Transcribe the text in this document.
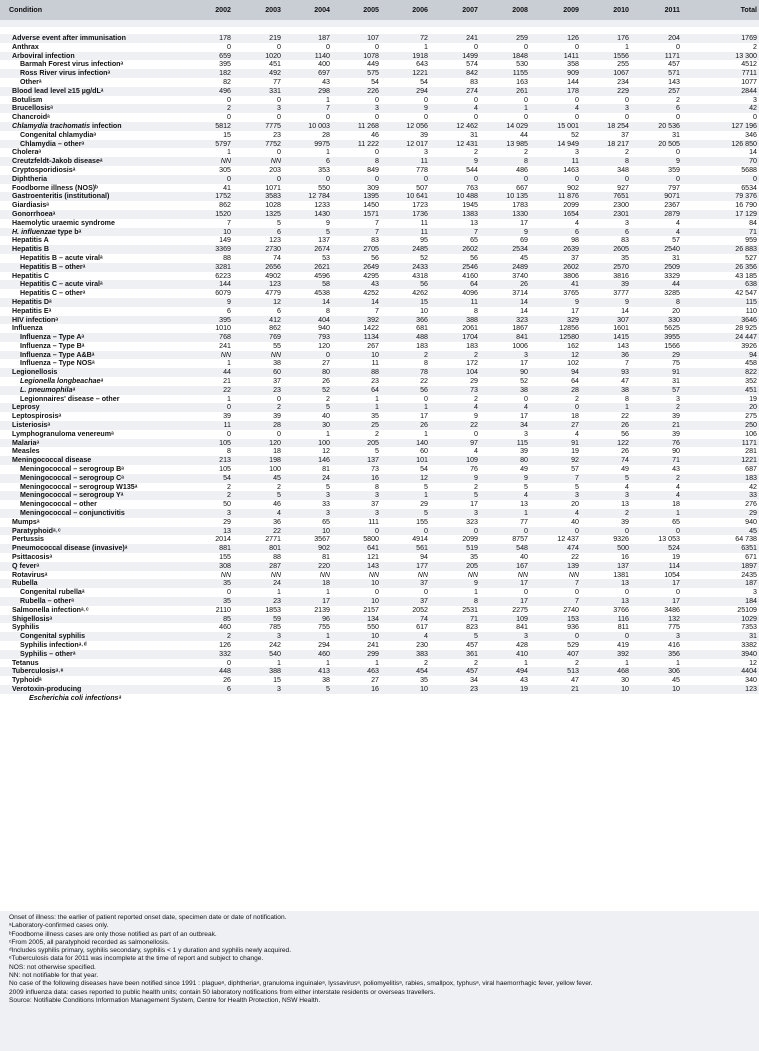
Condition	2002	2003	2004	2005	2006	2007	2008	2009	2010	2011	Total

Adverse event after immunisation	178	219	187	107	72	241	259	126	176	204	1769
Anthrax	0	0	0	0	1	0	0	0	1	0	2
Arboviral infection	659	1020	1140	1078	1918	1499	1848	1411	1556	1171	13 300
Barmah Forest virus infectionᵃ	395	451	400	449	643	574	530	358	255	457	4512
Ross River virus infectionᵃ	182	492	697	575	1221	842	1155	909	1067	571	7711
Otherᵃ	82	77	43	54	54	83	163	144	234	143	1077
Blood lead level ≥15 µg/dLᵃ	496	331	298	226	294	274	261	178	229	257	2844
Botulism	0	0	1	0	0	0	0	0	0	2	3
Brucellosisᵃ	2	3	7	3	9	4	1	4	3	6	42
Chancroidᵃ	0	0	0	0	0	0	0	0	0	0	0
Chlamydia trachomatis infection	5812	7775	10 003	11 268	12 056	12 462	14 029	15 001	18 254	20 536	127 196
Congenital chlamydiaᵃ	15	23	28	46	39	31	44	52	37	31	346
Chlamydia – otherᵃ	5797	7752	9975	11 222	12 017	12 431	13 985	14 949	18 217	20 505	126 850
Choleraᵃ	1	0	1	0	3	2	2	3	2	0	14
Creutzfeldt-Jakob diseaseᵃ	NN	NN	6	8	11	9	8	11	8	9	70
Cryptosporidiosisᵃ	305	203	353	849	778	544	486	1463	348	359	5688
Diphtheria	0	0	0	0	0	0	0	0	0	0	0
Foodborne illness (NOS)ᵇ	41	1071	550	309	507	763	667	902	927	797	6534
Gastroenteritis (institutional)	1752	3583	12 784	1395	10 641	10 488	10 135	11 876	7651	9071	79 376
Giardiasisᵃ	862	1028	1233	1450	1723	1945	1783	2099	2300	2367	16 790
Gonorrhoeaᵃ	1520	1325	1430	1571	1736	1383	1330	1654	2301	2879	17 129
Haemolytic uraemic syndrome	7	5	9	7	11	13	17	4	3	4	84
H. influenzae type bᵃ	10	6	5	7	11	7	9	6	6	4	71
Hepatitis A	149	123	137	83	95	65	69	98	83	57	959
Hepatitis B	3369	2730	2674	2705	2485	2602	2534	2639	2605	2540	26 883
Hepatitis B – acute viralᵃ	88	74	53	56	52	56	45	37	35	31	527
Hepatitis B – otherᵃ	3281	2656	2621	2649	2433	2546	2489	2602	2570	2509	26 356
Hepatitis C	6223	4902	4596	4295	4318	4160	3740	3806	3816	3329	43 185
Hepatitis C – acute viralᵃ	144	123	58	43	56	64	26	41	39	44	638
Hepatitis C – otherᵃ	6079	4779	4538	4252	4262	4096	3714	3765	3777	3285	42 547
Hepatitis Dᵃ	9	12	14	14	15	11	14	9	9	8	115
Hepatitis Eᵃ	6	6	8	7	10	8	14	17	14	20	110
HIV infectionᵃ	395	412	404	392	366	388	323	329	307	330	3646
Influenza	1010	862	940	1422	681	2061	1867	12856	1601	5625	28 925
Influenza – Type Aᵃ	768	769	793	1134	488	1704	841	12580	1415	3955	24 447
Influenza – Type Bᵃ	241	55	120	267	183	183	1006	162	143	1566	3926
Influenza – Type A&Bᵃ	NN	NN	0	10	2	2	3	12	36	29	94
Influenza – Type NOSᵃ	1	38	27	11	8	172	17	102	7	75	458
Legionellosis	44	60	80	88	78	104	90	94	93	91	822
Legionella longbeachaeᵃ	21	37	26	23	22	29	52	64	47	31	352
L. pneumophilaᵃ	22	23	52	64	56	73	38	28	38	57	451
Legionnaires' disease – other	1	0	2	1	0	2	0	2	8	3	19
Leprosy	0	2	5	1	1	4	4	0	1	2	20
Leptospirosisᵃ	39	39	40	35	17	9	17	18	22	39	275
Listeriosisᵃ	11	28	30	25	26	22	34	27	26	21	250
Lymphogranuloma venereumᵃ	0	0	1	2	1	0	3	4	56	39	106
Malariaᵃ	105	120	100	205	140	97	115	91	122	76	1171
Measles	8	18	12	5	60	4	39	19	26	90	281
Meningococcal disease	213	198	146	137	101	109	80	92	74	71	1221
Meningococcal – serogroup Bᵃ	105	100	81	73	54	76	49	57	49	43	687
Meningococcal – serogroup Cᵃ	54	45	24	16	12	9	9	7	5	2	183
Meningococcal – serogroup W135ᵃ	2	2	5	8	5	2	5	5	4	4	42
Meningococcal – serogroup Yᵃ	2	5	3	3	1	5	4	3	3	4	33
Meningococcal – other	50	46	33	37	29	17	13	20	13	18	276
Meningococcal – conjunctivitis	3	4	3	3	5	3	1	4	2	1	29
Mumpsᵃ	29	36	65	111	155	323	77	40	39	65	940
Paratyphoidᵃ˒ᶜ	13	22	10	0	0	0	0	0	0	0	45
Pertussis	2014	2771	3567	5800	4914	2099	8757	12 437	9326	13 053	64 738
Pneumococcal disease (invasive)ᵃ	881	801	902	641	561	519	548	474	500	524	6351
Psittacosisᵃ	155	88	81	121	94	35	40	22	16	19	671
Q feverᵃ	308	287	220	143	177	205	167	139	137	114	1897
Rotavirusᵃ	NN	NN	NN	NN	NN	NN	NN	NN	1381	1054	2435
Rubella	35	24	18	10	37	9	17	7	13	17	187
Congenital rubellaᵃ	0	1	1	0	0	1	0	0	0	0	3
Rubella – otherᵃ	35	23	17	10	37	8	17	7	13	17	184
Salmonella infectionᵃ˒ᶜ	2110	1853	2139	2157	2052	2531	2275	2740	3766	3486	25109
Shigellosisᵃ	85	59	96	134	74	71	109	153	116	132	1029
Syphilis	460	785	755	550	617	823	841	936	811	775	7353
Congenital syphilis	2	3	1	10	4	5	3	0	0	3	31
Syphilis infectionᵃ˒ᵈ	126	242	294	241	230	457	428	529	419	416	3382
Syphilis – otherᵃ	332	540	460	299	383	361	410	407	392	356	3940
Tetanus	0	1	1	1	2	2	1	2	1	1	12
Tuberculosisᵃ˒ᵉ	448	388	413	463	454	457	494	513	468	306	4404
Typhoidᵃ	26	15	38	27	35	34	43	47	30	45	340
Verotoxin-producing	6	3	5	16	10	23	19	21	10	10	123
Escherichia coli infectionsᵃ											
Onset of illness: the earlier of patient reported onset date, specimen date or date of notification.
ᵃLaboratory-confirmed cases only.
ᵇFoodborne illness cases are only those notified as part of an outbreak.
ᶜFrom 2005, all paratyphoid recorded as salmonellosis.
ᵈIncludes syphilis primary, syphilis secondary, syphilis < 1 y duration and syphilis newly acquired.
ᵉTuberculosis data for 2011 was incomplete at the time of report and subject to change.
NOS: not otherwise specified.
NN: not notifiable for that year.
No case of the following diseases have been notified since 1991 : plagueᵃ, diphtheriaᵃ, granuloma inguinaleᵃ, lyssavirusᵃ, poliomyelitisᵃ, rabies, smallpox, typhusᵃ, viral haemorrhagic fever, yellow fever.
2009 influenza data: cases reported to public health units; contain 50 laboratory notifications from either interstate residents or overseas travellers.
Source: Notifiable Conditions Information Management System, Centre for Health Protection, NSW Health.
